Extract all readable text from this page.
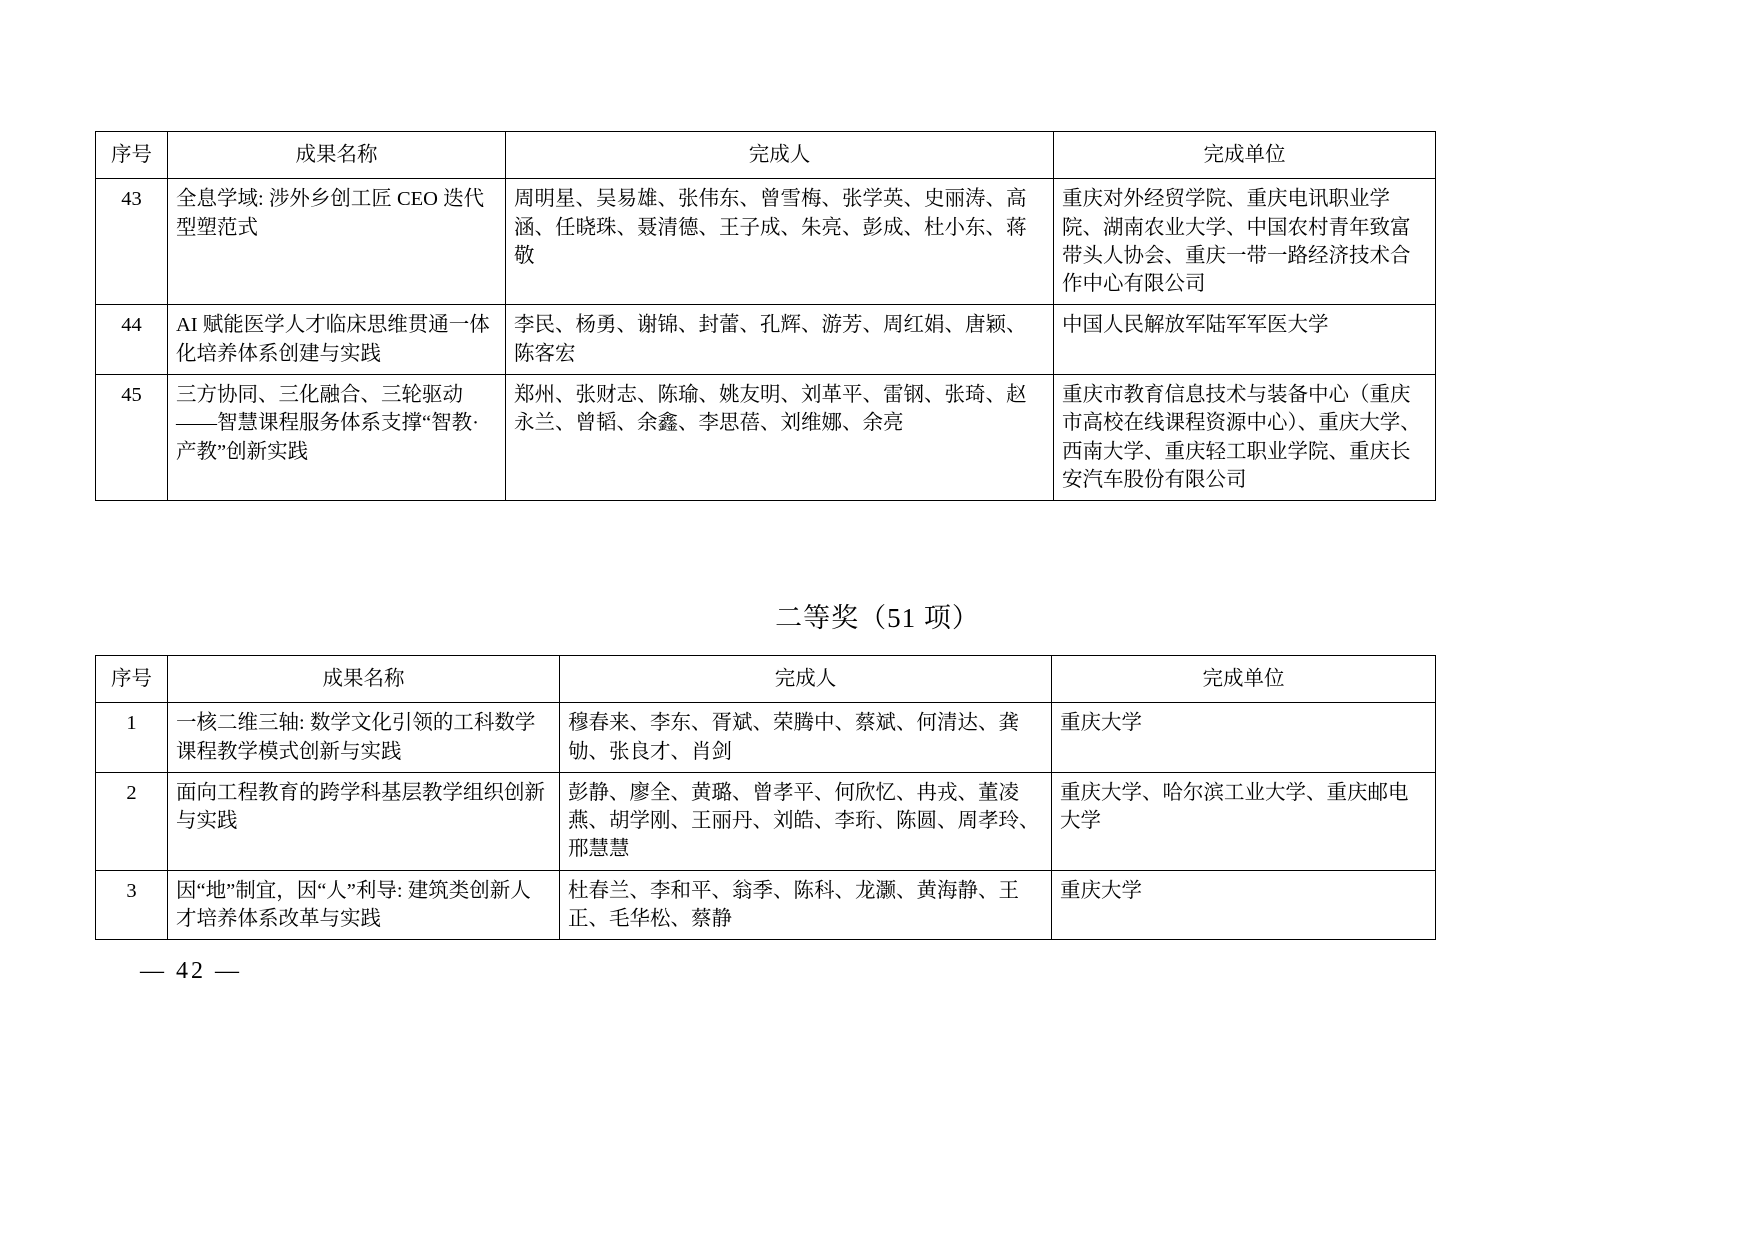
序号	成果名称	完成人	完成单位
43	全息学域: 涉外乡创工匠 CEO 迭代型塑范式	周明星、吴易雄、张伟东、曾雪梅、张学英、史丽涛、高涵、任晓珠、聂清德、王子成、朱亮、彭成、杜小东、蒋敬	重庆对外经贸学院、重庆电讯职业学院、湖南农业大学、中国农村青年致富带头人协会、重庆一带一路经济技术合作中心有限公司
44	AI 赋能医学人才临床思维贯通一体化培养体系创建与实践	李民、杨勇、谢锦、封蕾、孔辉、游芳、周红娟、唐颖、陈客宏	中国人民解放军陆军军医大学
45	三方协同、三化融合、三轮驱动——智慧课程服务体系支撑“智教·产教”创新实践	郑州、张财志、陈瑜、姚友明、刘革平、雷钢、张琦、赵永兰、曾韬、余鑫、李思蓓、刘维娜、余亮	重庆市教育信息技术与装备中心（重庆市高校在线课程资源中心）、重庆大学、西南大学、重庆轻工职业学院、重庆长安汽车股份有限公司
二等奖（51 项）
序号	成果名称	完成人	完成单位
1	一核二维三轴: 数学文化引领的工科数学课程教学模式创新与实践	穆春来、李东、胥斌、荣腾中、蔡斌、何清达、龚劬、张良才、肖剑	重庆大学
2	面向工程教育的跨学科基层教学组织创新与实践	彭静、廖全、黄璐、曾孝平、何欣忆、冉戎、董凌燕、胡学刚、王丽丹、刘皓、李珩、陈圆、周孝玲、邢慧慧	重庆大学、哈尔滨工业大学、重庆邮电大学
3	因“地”制宜，因“人”利导: 建筑类创新人才培养体系改革与实践	杜春兰、李和平、翁季、陈科、龙灏、黄海静、王正、毛华松、蔡静	重庆大学
— 42 —
